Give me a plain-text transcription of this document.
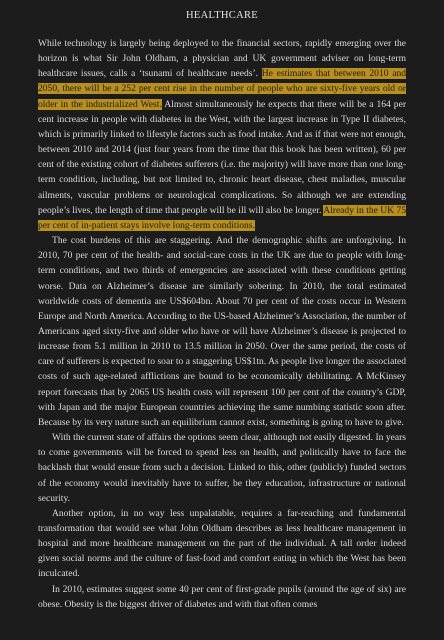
HEALTHCARE

While technology is largely being deployed to the financial sectors, rapidly emerging over the horizon is what Sir John Oldham, a physician and UK government adviser on long-term healthcare issues, calls a ‘tsunami of healthcare needs’. He estimates that between 2010 and 2050, there will be a 252 per cent rise in the number of people who are sixty-five years old or older in the industrialized West. Almost simultaneously he expects that there will be a 164 per cent increase in people with diabetes in the West, with the largest increase in Type II diabetes, which is primarily linked to lifestyle factors such as food intake. And as if that were not enough, between 2010 and 2014 (just four years from the time that this book has been written), 60 per cent of the existing cohort of diabetes sufferers (i.e. the majority) will have more than one long-term condition, including, but not limited to, chronic heart disease, chest maladies, muscular ailments, vascular problems or neurological complications. So although we are extending people’s lives, the length of time that people will be ill will also be longer. Already in the UK 75 per cent of in-patient stays involve long-term conditions.

The cost burdens of this are staggering. And the demographic shifts are unforgiving. In 2010, 70 per cent of the health- and social-care costs in the UK are due to people with long-term conditions, and two thirds of emergencies are associated with these conditions getting worse. Data on Alzheimer’s disease are similarly sobering. In 2010, the total estimated worldwide costs of dementia are US$604bn. About 70 per cent of the costs occur in Western Europe and North America. According to the US-based Alzheimer’s Association, the number of Americans aged sixty-five and older who have or will have Alzheimer’s disease is projected to increase from 5.1 million in 2010 to 13.5 million in 2050. Over the same period, the costs of care of sufferers is expected to soar to a staggering US$1tn. As people live longer the associated costs of such age-related afflictions are bound to be economically debilitating. A McKinsey report forecasts that by 2065 US health costs will represent 100 per cent of the country’s GDP, with Japan and the major European countries achieving the same numbing statistic soon after. Because by its very nature such an equilibrium cannot exist, something is going to have to give.

With the current state of affairs the options seem clear, although not easily digested. In years to come governments will be forced to spend less on health, and politically have to face the backlash that would ensue from such a decision. Linked to this, other (publicly) funded sectors of the economy would inevitably have to suffer, be they education, infrastructure or national security.

Another option, in no way less unpalatable, requires a far-reaching and fundamental transformation that would see what John Oldham describes as less healthcare management in hospital and more healthcare management on the part of the individual. A tall order indeed given social norms and the culture of fast-food and comfort eating in which the West has been inculcated.

In 2010, estimates suggest some 40 per cent of first-grade pupils (around the age of six) are obese. Obesity is the biggest driver of diabetes and with that often comes
